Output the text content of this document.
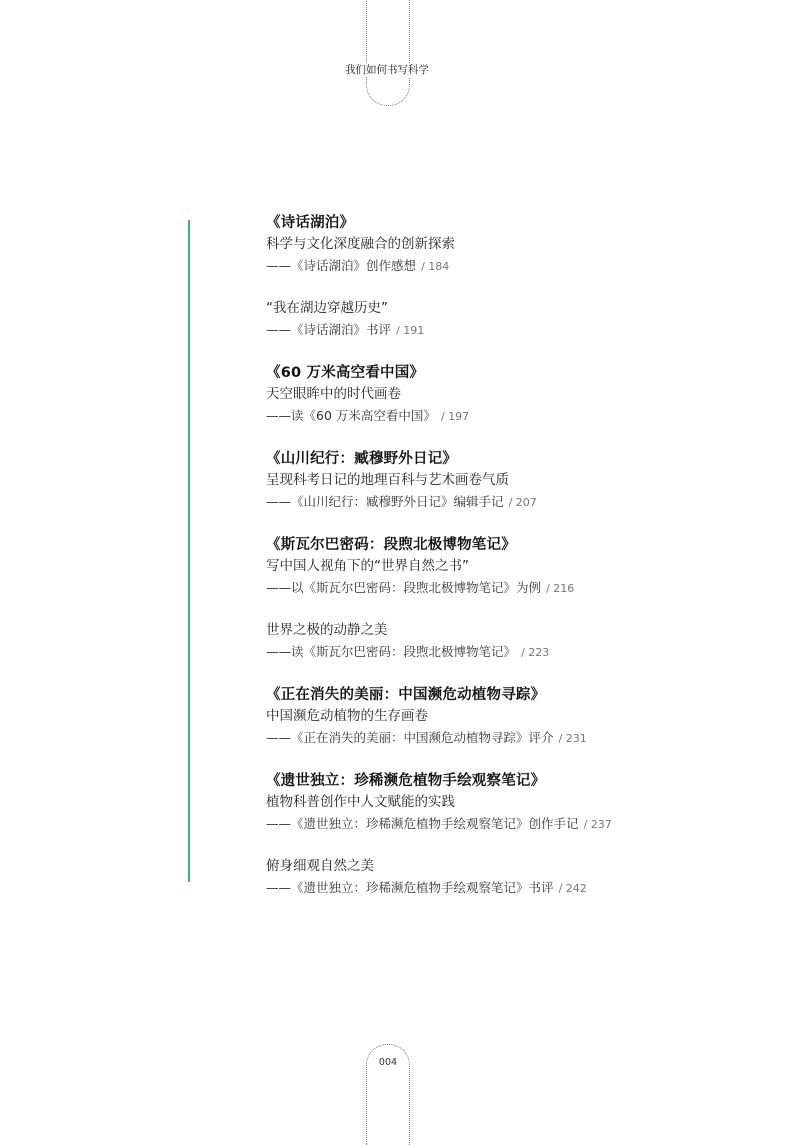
我们如何书写科学
《诗话湖泊》
科学与文化深度融合的创新探索
——《诗话湖泊》创作感想 / 184
“我在湖边穿越历史”
——《诗话湖泊》书评 / 191
《60 万米高空看中国》
天空眼眸中的时代画卷
——读《60 万米高空看中国》 / 197
《山川纪行：臧穆野外日记》
呈现科考日记的地理百科与艺术画卷气质
——《山川纪行：臧穆野外日记》编辑手记 / 207
《斯瓦尔巴密码：段煦北极博物笔记》
写中国人视角下的“世界自然之书”
——以《斯瓦尔巴密码：段煦北极博物笔记》为例 / 216
世界之极的动静之美
——读《斯瓦尔巴密码：段煦北极博物笔记》 / 223
《正在消失的美丽：中国濒危动植物寻踪》
中国濒危动植物的生存画卷
——《正在消失的美丽：中国濒危动植物寻踪》评介 / 231
《遗世独立：珍稀濒危植物手绘观察笔记》
植物科普创作中人文赋能的实践
——《遗世独立：珍稀濒危植物手绘观察笔记》创作手记 / 237
俯身细观自然之美
——《遗世独立：珍稀濒危植物手绘观察笔记》书评 / 242
004
